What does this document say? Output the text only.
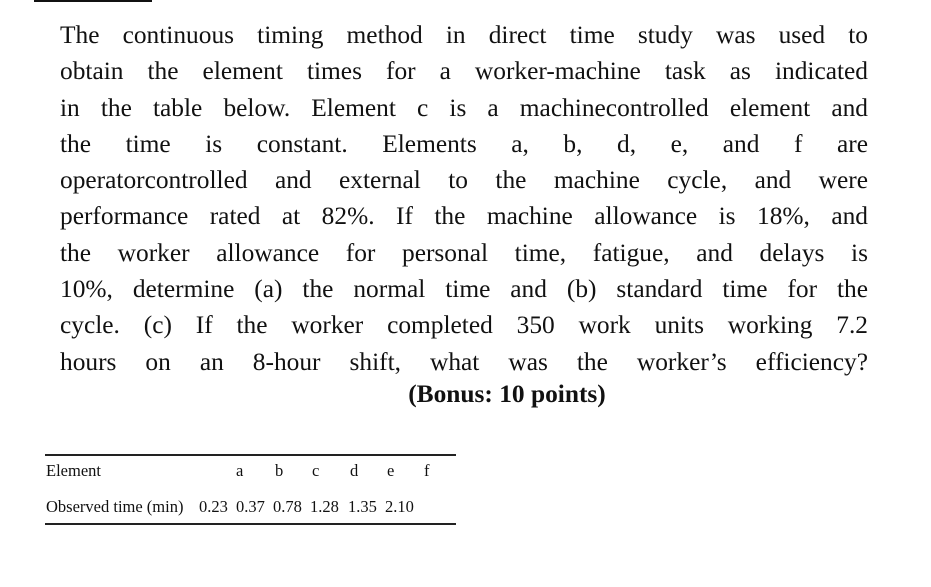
The continuous timing method in direct time study was used to
obtain the element times for a worker-machine task as indicated
in the table below. Element c is a machinecontrolled element and
the time is constant. Elements a, b, d, e, and f are
operatorcontrolled and external to the machine cycle, and were
performance rated at 82%. If the machine allowance is 18%, and
the worker allowance for personal time, fatigue, and delays is
10%, determine (a) the normal time and (b) standard time for the
cycle. (c) If the worker completed 350 work units working 7.2
hours on an 8-hour shift, what was the worker’s efficiency?
(Bonus: 10 points)
Element	a b c d e f
Observed time (min) 0.23 0.37 0.78 1.28 1.35 2.10
